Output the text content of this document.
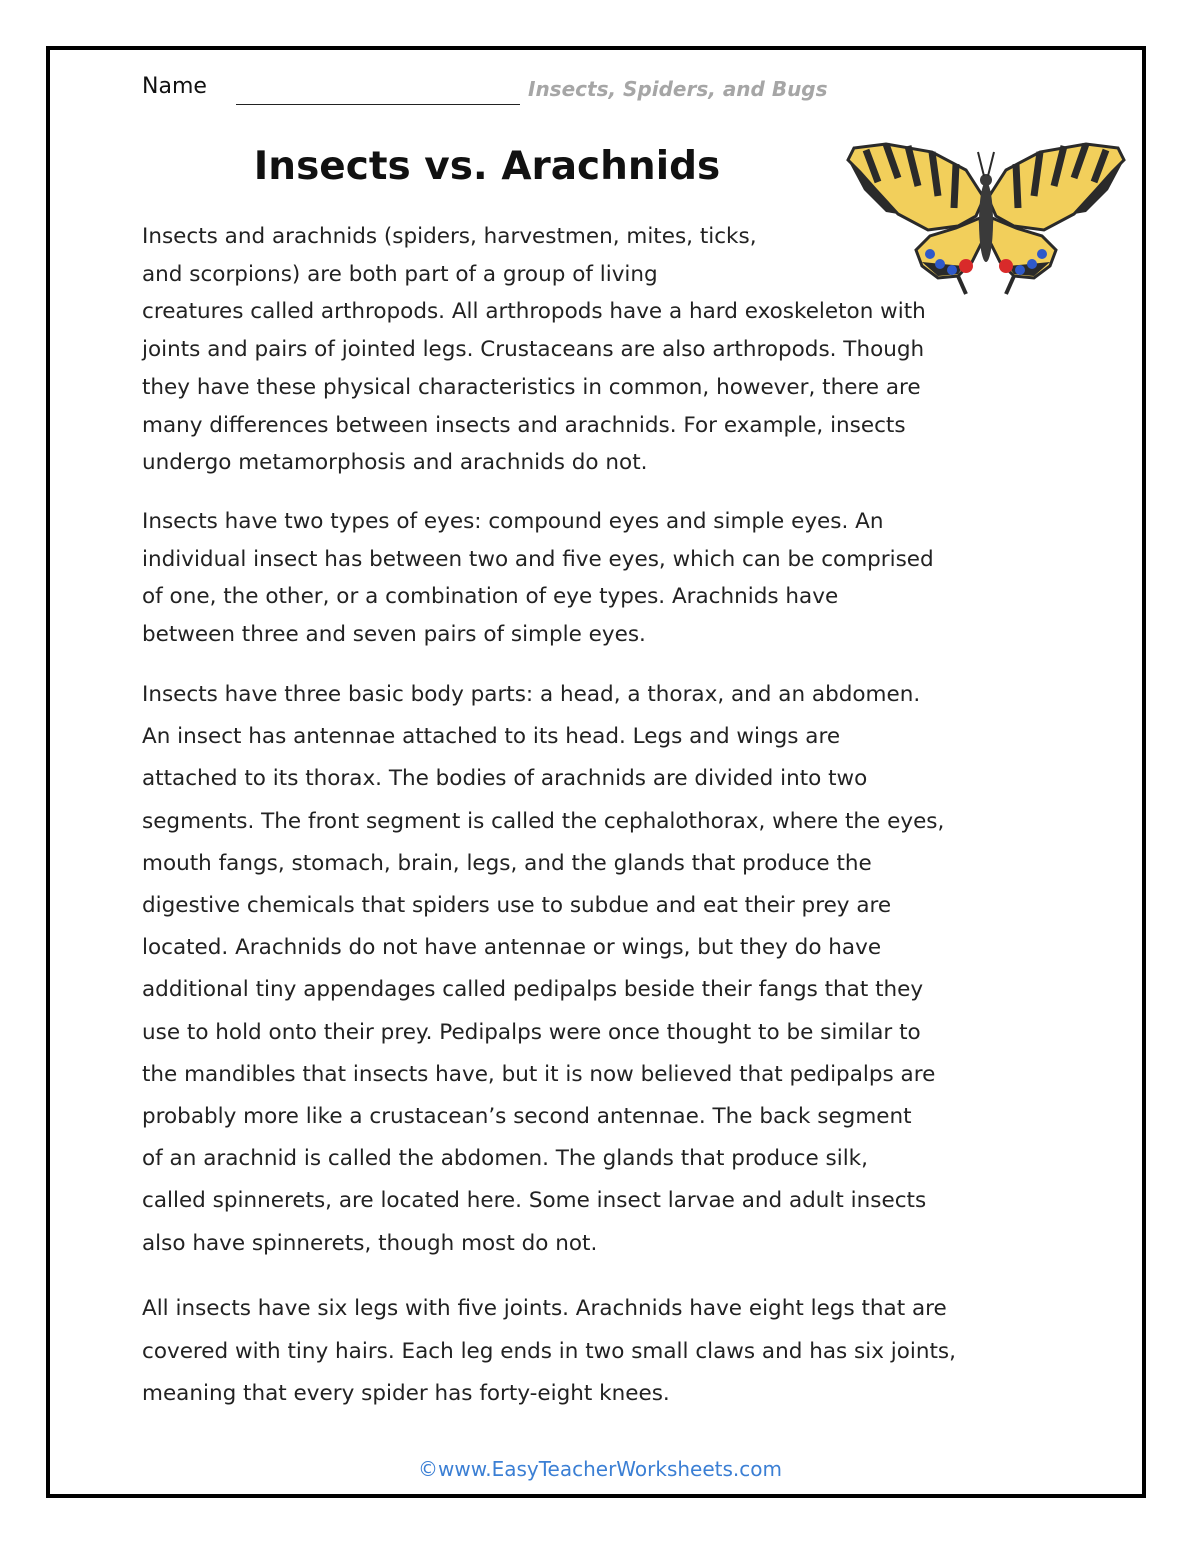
Name	Insects, Spiders, and Bugs
Insects vs. Arachnids
Insects and arachnids (spiders, harvestmen, mites, ticks,
and scorpions) are both part of a group of living
creatures called arthropods. All arthropods have a hard exoskeleton with
joints and pairs of jointed legs. Crustaceans are also arthropods. Though
they have these physical characteristics in common, however, there are
many differences between insects and arachnids. For example, insects
undergo metamorphosis and arachnids do not.
Insects have two types of eyes: compound eyes and simple eyes. An
individual insect has between two and five eyes, which can be comprised
of one, the other, or a combination of eye types. Arachnids have
between three and seven pairs of simple eyes.
Insects have three basic body parts: a head, a thorax, and an abdomen.
An insect has antennae attached to its head. Legs and wings are
attached to its thorax. The bodies of arachnids are divided into two
segments. The front segment is called the cephalothorax, where the eyes,
mouth fangs, stomach, brain, legs, and the glands that produce the
digestive chemicals that spiders use to subdue and eat their prey are
located. Arachnids do not have antennae or wings, but they do have
additional tiny appendages called pedipalps beside their fangs that they
use to hold onto their prey. Pedipalps were once thought to be similar to
the mandibles that insects have, but it is now believed that pedipalps are
probably more like a crustacean’s second antennae. The back segment
of an arachnid is called the abdomen. The glands that produce silk,
called spinnerets, are located here. Some insect larvae and adult insects
also have spinnerets, though most do not.
All insects have six legs with five joints. Arachnids have eight legs that are
covered with tiny hairs. Each leg ends in two small claws and has six joints,
meaning that every spider has forty-eight knees.
©www.EasyTeacherWorksheets.com
